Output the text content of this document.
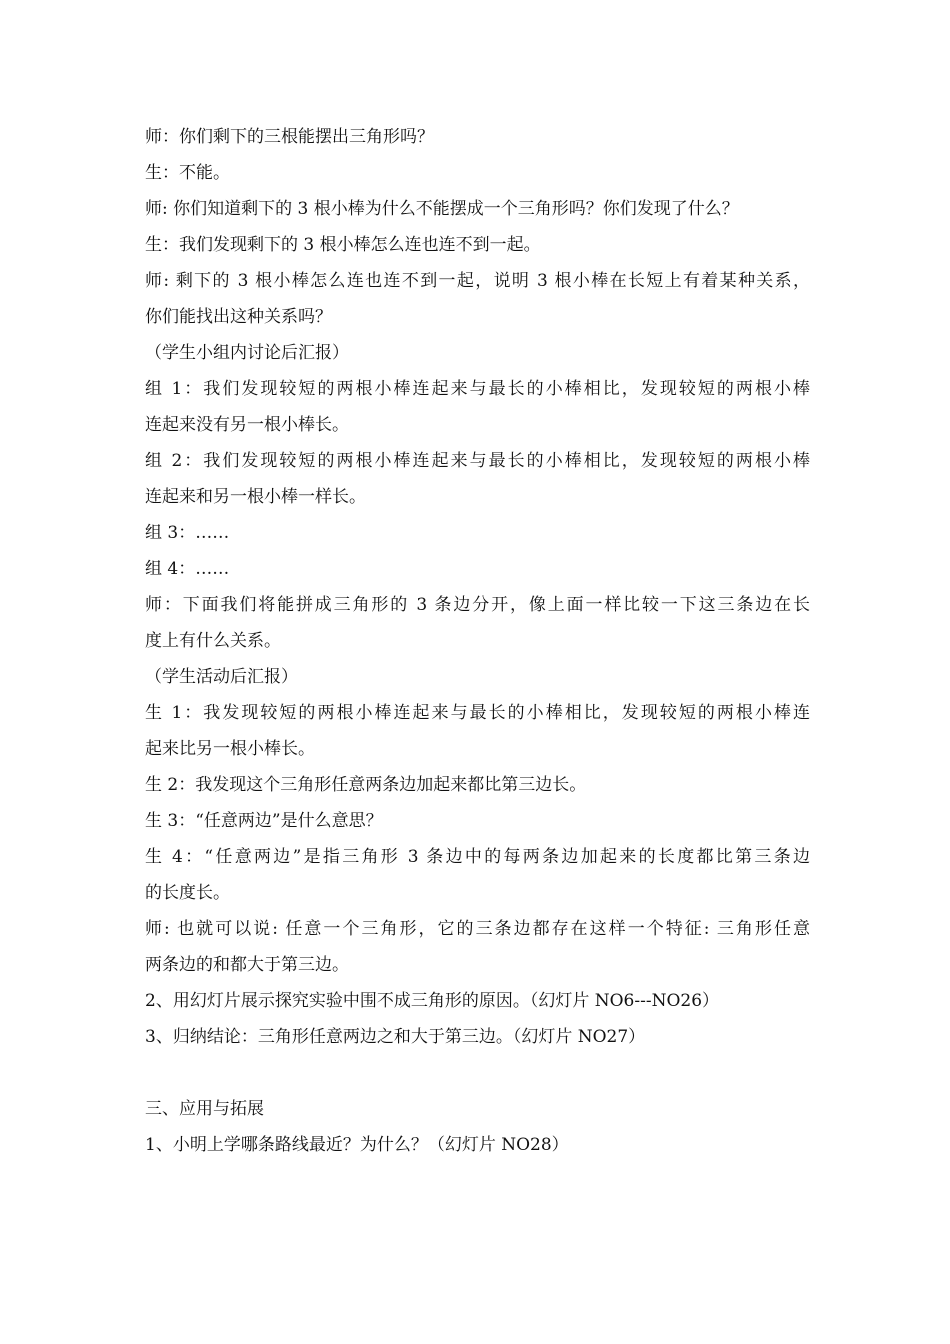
师：你们剩下的三根能摆出三角形吗？
生：不能。
师: 你们知道剩下的 3 根小棒为什么不能摆成一个三角形吗？你们发现了什么？
生：我们发现剩下的 3 根小棒怎么连也连不到一起。
师: 剩下的 3 根小棒怎么连也连不到一起，说明 3 根小棒在长短上有着某种关系，
你们能找出这种关系吗？
（学生小组内讨论后汇报）
组 1：我们发现较短的两根小棒连起来与最长的小棒相比，发现较短的两根小棒
连起来没有另一根小棒长。
组 2：我们发现较短的两根小棒连起来与最长的小棒相比，发现较短的两根小棒
连起来和另一根小棒一样长。
组 3：……
组 4：……
师：下面我们将能拼成三角形的 3 条边分开，像上面一样比较一下这三条边在长
度上有什么关系。
（学生活动后汇报）
生 1：我发现较短的两根小棒连起来与最长的小棒相比，发现较短的两根小棒连
起来比另一根小棒长。
生 2：我发现这个三角形任意两条边加起来都比第三边长。
生 3：“任意两边”是什么意思？
生 4：“任意两边”是指三角形 3 条边中的每两条边加起来的长度都比第三条边
的长度长。
师: 也就可以说: 任意一个三角形，它的三条边都存在这样一个特征: 三角形任意
两条边的和都大于第三边。
2、用幻灯片展示探究实验中围不成三角形的原因。（幻灯片 NO6---NO26）
3、归纳结论：三角形任意两边之和大于第三边。（幻灯片 NO27）
三、应用与拓展
1、小明上学哪条路线最近？为什么？（幻灯片 NO28）
